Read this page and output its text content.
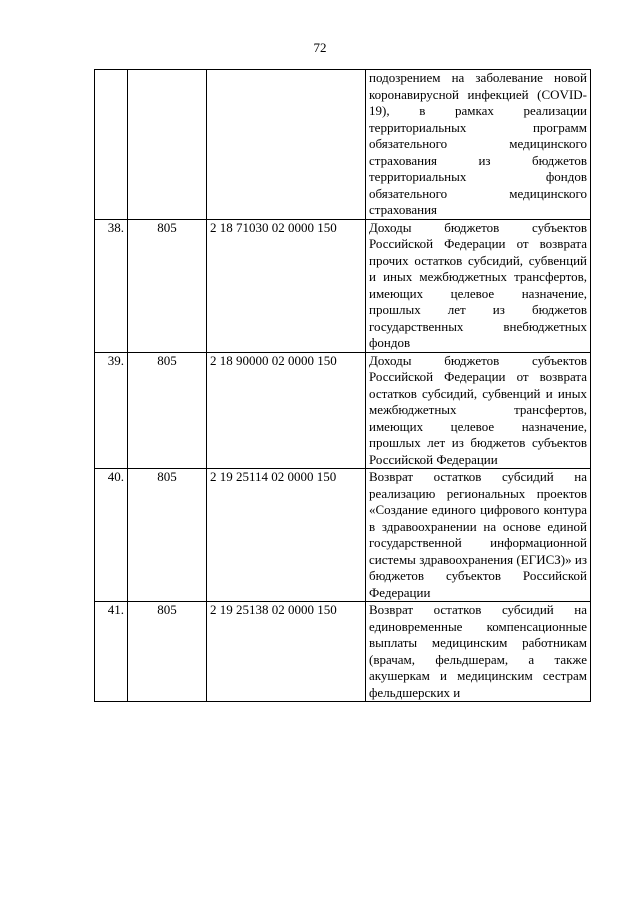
72
			подозрением на заболевание новой коронавирусной инфекцией (COVID-19), в рамках реализации территориальных программ обязательного медицинского страхования из бюджетов территориальных фондов обязательного медицинского страхования
38.	805	2 18 71030 02 0000 150	Доходы бюджетов субъектов Российской Федерации от возврата прочих остатков субсидий, субвенций и иных межбюджетных трансфертов, имеющих целевое назначение, прошлых лет из бюджетов государственных внебюджетных фондов
39.	805	2 18 90000 02 0000 150	Доходы бюджетов субъектов Российской Федерации от возврата остатков субсидий, субвенций и иных межбюджетных трансфертов, имеющих целевое назначение, прошлых лет из бюджетов субъектов Российской Федерации
40.	805	2 19 25114 02 0000 150	Возврат остатков субсидий на реализацию региональных проектов «Создание единого цифрового контура в здравоохранении на основе единой государственной информационной системы здравоохранения (ЕГИСЗ)» из бюджетов субъектов Российской Федерации
41.	805	2 19 25138 02 0000 150	Возврат остатков субсидий на единовременные компенсационные выплаты медицинским работникам (врачам, фельдшерам, а также акушеркам и медицинским сестрам фельдшерских и
